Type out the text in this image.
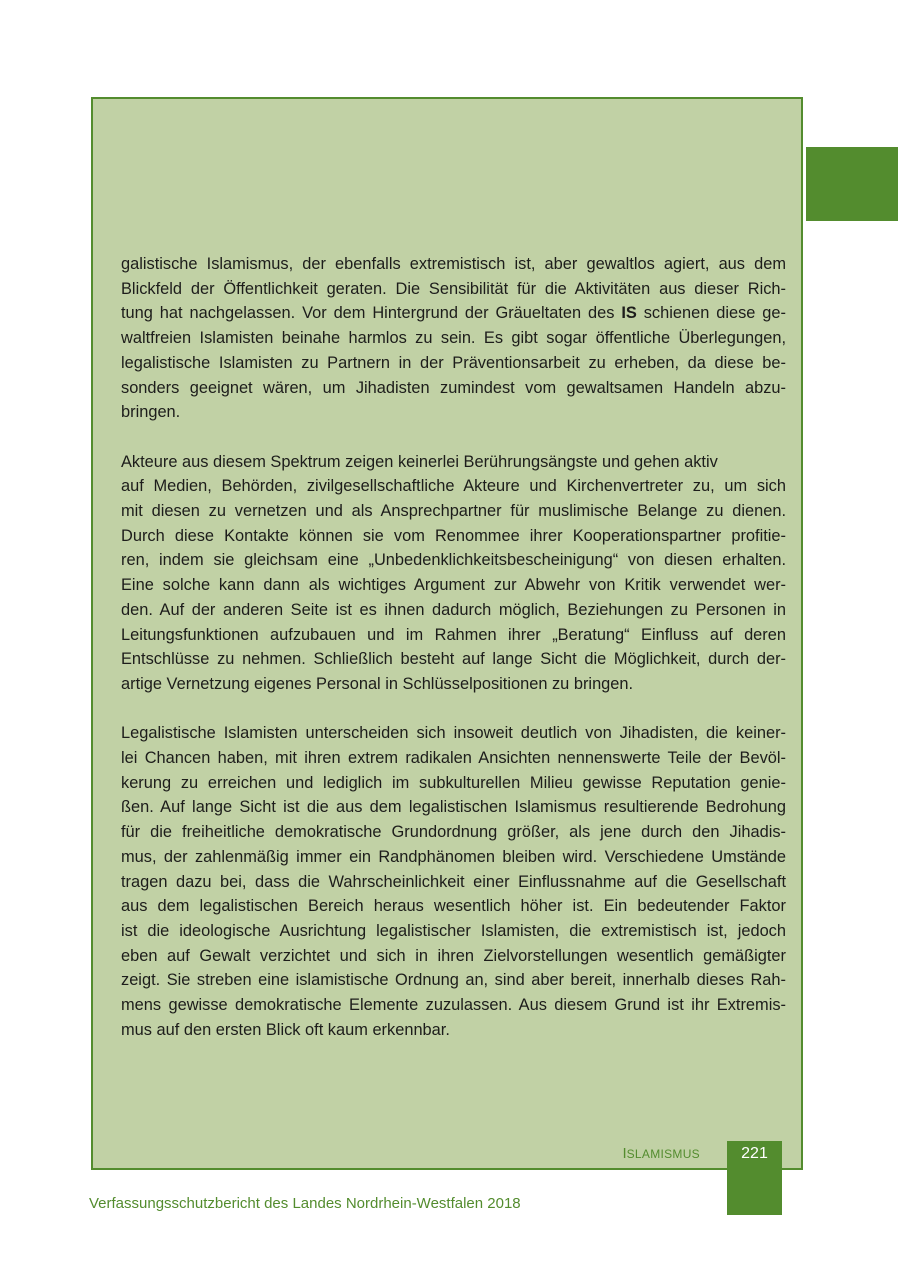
galistische Islamismus, der ebenfalls extremistisch ist, aber gewaltlos agiert, aus dem
Blickfeld der Öffentlichkeit geraten. Die Sensibilität für die Aktivitäten aus dieser Rich-
tung hat nachgelassen. Vor dem Hintergrund der Gräueltaten des IS schienen diese ge-
waltfreien Islamisten beinahe harmlos zu sein. Es gibt sogar öffentliche Überlegungen,
legalistische Islamisten zu Partnern in der Präventionsarbeit zu erheben, da diese be-
sonders geeignet wären, um Jihadisten zumindest vom gewaltsamen Handeln abzu-
bringen.

Akteure aus diesem Spektrum zeigen keinerlei Berührungsängste und gehen aktiv
auf Medien, Behörden, zivilgesellschaftliche Akteure und Kirchenvertreter zu, um sich
mit diesen zu vernetzen und als Ansprechpartner für muslimische Belange zu dienen.
Durch diese Kontakte können sie vom Renommee ihrer Kooperationspartner profitie-
ren, indem sie gleichsam eine „Unbedenklichkeitsbescheinigung“ von diesen erhalten.
Eine solche kann dann als wichtiges Argument zur Abwehr von Kritik verwendet wer-
den. Auf der anderen Seite ist es ihnen dadurch möglich, Beziehungen zu Personen in
Leitungsfunktionen aufzubauen und im Rahmen ihrer „Beratung“ Einfluss auf deren
Entschlüsse zu nehmen. Schließlich besteht auf lange Sicht die Möglichkeit, durch der-
artige Vernetzung eigenes Personal in Schlüsselpositionen zu bringen.

Legalistische Islamisten unterscheiden sich insoweit deutlich von Jihadisten, die keiner-
lei Chancen haben, mit ihren extrem radikalen Ansichten nennenswerte Teile der Bevöl-
kerung zu erreichen und lediglich im subkulturellen Milieu gewisse Reputation genie-
ßen. Auf lange Sicht ist die aus dem legalistischen Islamismus resultierende Bedrohung
für die freiheitliche demokratische Grundordnung größer, als jene durch den Jihadis-
mus, der zahlenmäßig immer ein Randphänomen bleiben wird. Verschiedene Umstände
tragen dazu bei, dass die Wahrscheinlichkeit einer Einflussnahme auf die Gesellschaft
aus dem legalistischen Bereich heraus wesentlich höher ist. Ein bedeutender Faktor
ist die ideologische Ausrichtung legalistischer Islamisten, die extremistisch ist, jedoch
eben auf Gewalt verzichtet und sich in ihren Zielvorstellungen wesentlich gemäßigter
zeigt. Sie streben eine islamistische Ordnung an, sind aber bereit, innerhalb dieses Rah-
mens gewisse demokratische Elemente zuzulassen. Aus diesem Grund ist ihr Extremis-
mus auf den ersten Blick oft kaum erkennbar.

ISLAMISMUS	221
Verfassungsschutzbericht des Landes Nordrhein-Westfalen 2018
